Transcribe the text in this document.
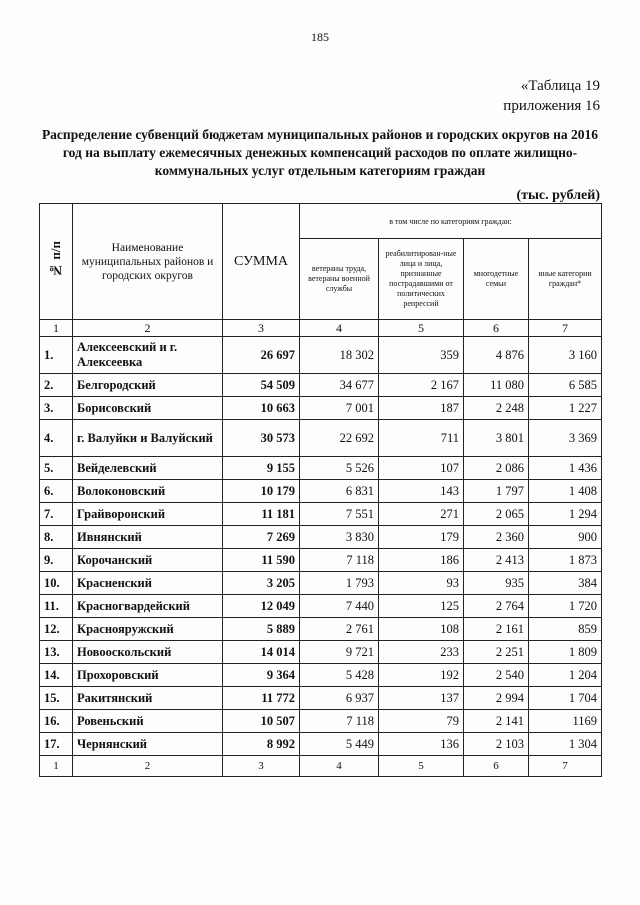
185
«Таблица 19
приложения 16
Распределение субвенций бюджетам муниципальных районов и городских округов на 2016 год на выплату ежемесячных денежных компенсаций расходов по оплате жилищно-коммунальных услуг отдельным категориям граждан
(тыс. рублей)
№ п/п	Наименование муниципальных районов и городских округов	СУММА	в том числе по категориям граждан:			
			ветераны труда, ветераны военной службы	реабилитирован-ные лица и лица, признанные пострадавшими от политических репрессий	многодетные семьи	иные категории граждан*
1	2	3	4	5	6	7
1.	Алексеевский и г. Алексеевка	26 697	18 302	359	4 876	3 160
2.	Белгородский	54 509	34 677	2 167	11 080	6 585
3.	Борисовский	10 663	7 001	187	2 248	1 227
4.	г. Валуйки и Валуйский	30 573	22 692	711	3 801	3 369
5.	Вейделевский	9 155	5 526	107	2 086	1 436
6.	Волоконовский	10 179	6 831	143	1 797	1 408
7.	Грайворонский	11 181	7 551	271	2 065	1 294
8.	Ивнянский	7 269	3 830	179	2 360	900
9.	Корочанский	11 590	7 118	186	2 413	1 873
10.	Красненский	3 205	1 793	93	935	384
11.	Красногвардейский	12 049	7 440	125	2 764	1 720
12.	Краснояружский	5 889	2 761	108	2 161	859
13.	Новооскольский	14 014	9 721	233	2 251	1 809
14.	Прохоровский	9 364	5 428	192	2 540	1 204
15.	Ракитянский	11 772	6 937	137	2 994	1 704
16.	Ровеньский	10 507	7 118	79	2 141	1169
17.	Чернянский	8 992	5 449	136	2 103	1 304
1	2	3	4	5	6	7
